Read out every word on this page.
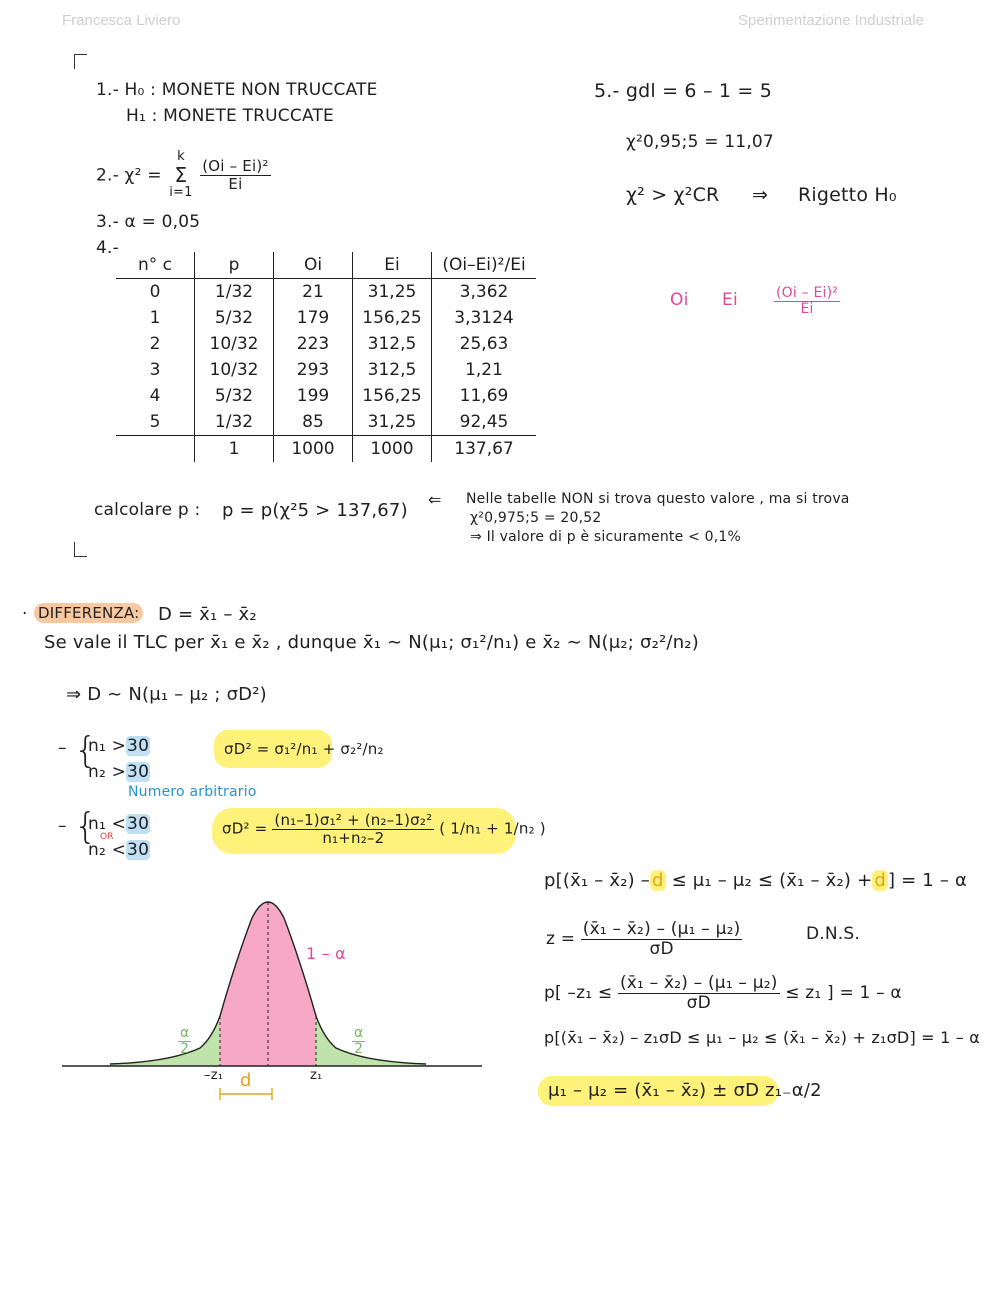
Francesca Liviero	Sperimentazione Industriale
1.- H₀ : MONETE NON TRUCCATE
H₁ : MONETE TRUCCATE
2.- χ² =
k
Σ
i=1

$\frac{\text{(Oi – Ei)²}}{Ei}$
3.- α = 0,05
4.-
5.- gdl = 6 – 1 = 5
χ²0,95;5 = 11,07
χ² > χ²CR ⇒ Rigetto H₀
Oi Ei	$\frac{\text{(Oi – Ei)²}}{Ei}$
n° c	p	Oi	Ei	(Oi–Ei)²/Ei
0	1/32	21	31,25	3,362
1	5/32	179	156,25	3,3124
2	10/32	223	312,5	25,63
3	10/32	293	312,5	1,21
4	5/32	199	156,25	11,69
5	1/32	85	31,25	92,45
	1	1000	1000	137,67
calcolare p : p = p(χ²5 > 137,67)
⇐ Nelle tabelle NON si trova questo valore , ma si trova
χ²0,975;5 = 20,52
⇒ Il valore di p è sicuramente < 0,1%
· DIFFERENZA: D = x̄₁ – x̄₂
Se vale il TLC per x̄₁ e x̄₂ , dunque x̄₁ ∼ N(μ₁; σ₁²/n₁) e x̄₂ ∼ N(μ₂; σ₂²/n₂)
⇒ D ∼ N(μ₁ – μ₂ ; σD²)
– {
n₁ >30
n₂ >30
σD² = σ₁²/n₁ + σ₂²/n₂
Numero arbitrario
– {
n₁ <30
OR
n₂ <30
$\sigma D^2 = \frac{\text{(n₁–1)σ₁² + (n₂–1)σ₂²}}{\text{n₁+n₂–2}}$ ( 1/n₁ + 1/n₂ )
p[(x̄₁ – x̄₂) – d ≤ μ₁ – μ₂ ≤ (x̄₁ – x̄₂) + d ] = 1 – α
$z = \frac{\text{(x̄₁ – x̄₂) – (μ₁ – μ₂)}}{\sigma D}$	D.N.S.
p[ $-z_1 \le \frac{\text{(x̄₁ – x̄₂) – (μ₁ – μ₂)}}{\sigma D} \le z_1$ ] = 1 – α
p[(x̄₁ – x̄₂) – z₁σD ≤ μ₁ – μ₂ ≤ (x̄₁ – x̄₂) + z₁σD] = 1 – α
μ₁ – μ₂ = (x̄₁ – x̄₂) ± σD z₁₋α/2
1 – α
$\frac{\alpha}{2}$	$\frac{\alpha}{2}$
–z₁	z₁
d
